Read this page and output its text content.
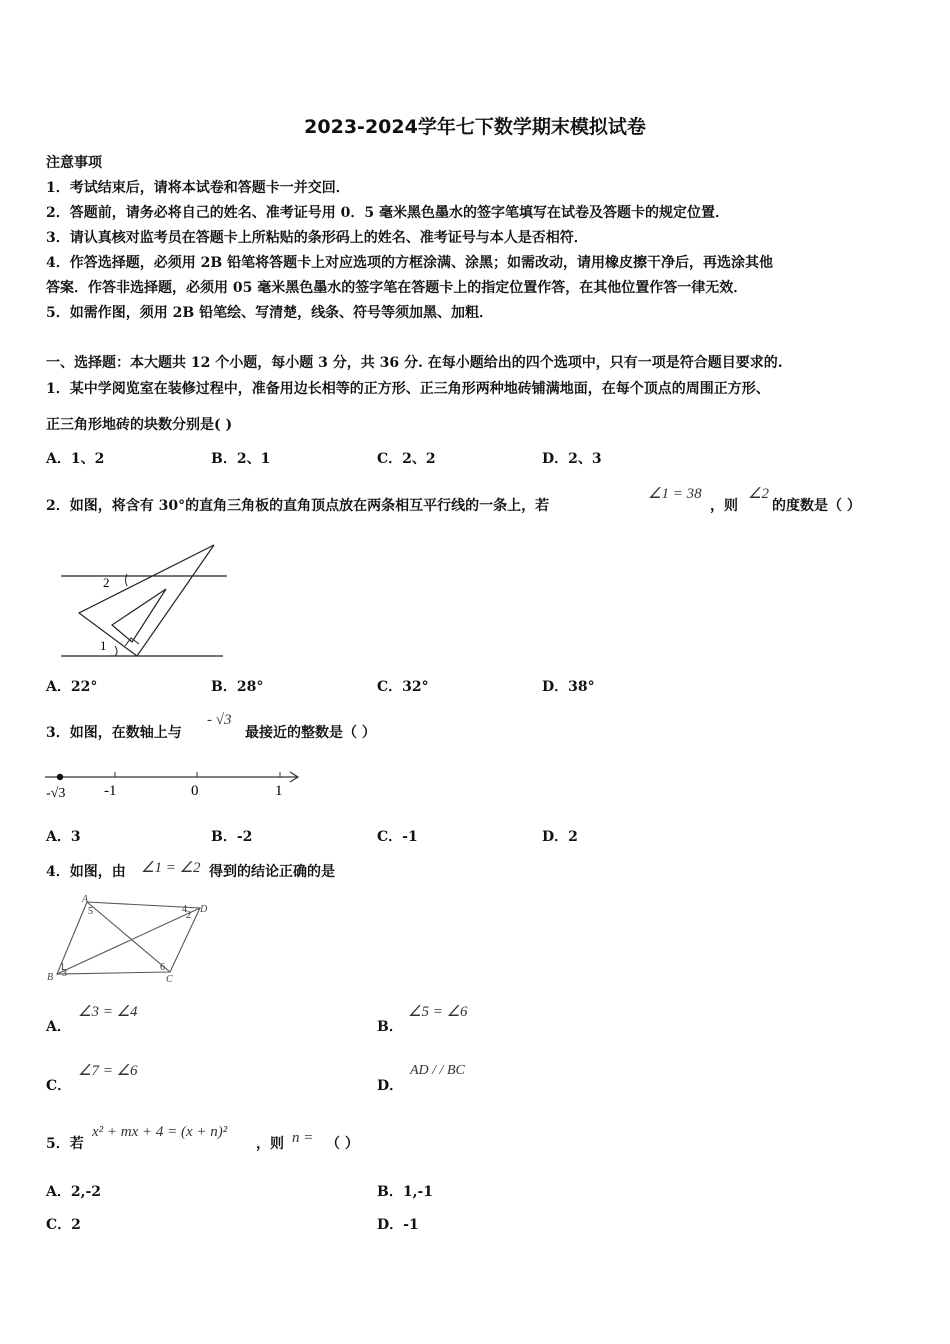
2023-2024学年七下数学期末模拟试卷
注意事项
1．考试结束后，请将本试卷和答题卡一并交回．
2．答题前，请务必将自己的姓名、准考证号用 0．5 毫米黑色墨水的签字笔填写在试卷及答题卡的规定位置．
3．请认真核对监考员在答题卡上所粘贴的条形码上的姓名、准考证号与本人是否相符．
4．作答选择题，必须用 2B 铅笔将答题卡上对应选项的方框涂满、涂黑；如需改动，请用橡皮擦干净后，再选涂其他
答案．作答非选择题，必须用 05 毫米黑色墨水的签字笔在答题卡上的指定位置作答，在其他位置作答一律无效．
5．如需作图，须用 2B 铅笔绘、写清楚，线条、符号等须加黑、加粗．
一、选择题：本大题共 12 个小题，每小题 3 分，共 36 分. 在每小题给出的四个选项中，只有一项是符合题目要求的.
1．某中学阅览室在装修过程中，准备用边长相等的正方形、正三角形两种地砖铺满地面，在每个顶点的周围正方形、
正三角形地砖的块数分别是( )
A．1、2	B．2、1	C．2、2	D．2、3
2．如图，将含有 30°的直角三角板的直角顶点放在两条相互平行线的一条上，若
∠1 = 38
，则
∠2
的度数是（ ）
2
1
A．22°	B．28°	C．32°	D．38°
3．如图，在数轴上与
- √3
最接近的整数是（ ）
-√3	-1	0	1
A．3	B．-2	C．-1	D．2
4．如图，由 ∠1 = ∠2 得到的结论正确的是
A
5	4 D
2
B
1
3
6
C
A．
∠3 = ∠4
B．
∠5 = ∠6
C．
∠7 = ∠6
D．
AD / / BC
5．若
x² + mx + 4 = (x + n)²
，则 n = （ ）
A．2,-2	B．1,-1
C．2	D．-1
